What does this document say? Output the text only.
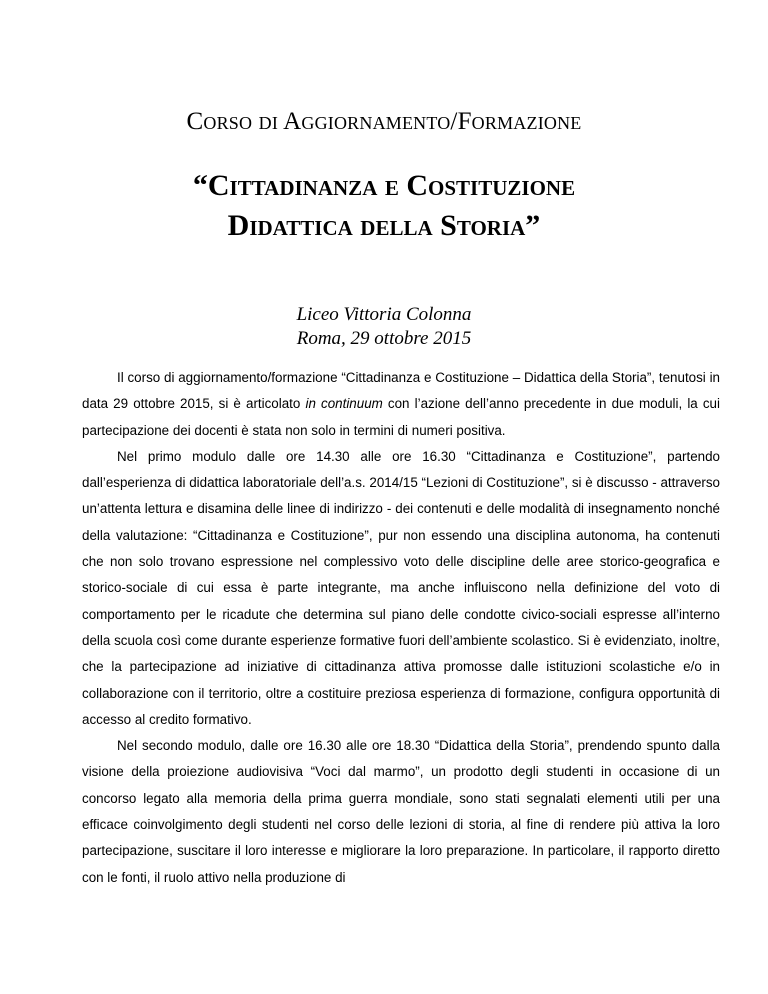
Corso di Aggiornamento/Formazione
“Cittadinanza e Costituzione
Didattica della Storia”
Liceo Vittoria Colonna
Roma, 29 ottobre 2015

Il corso di aggiornamento/formazione “Cittadinanza e Costituzione – Didattica della Storia”, tenutosi in data 29 ottobre 2015, si è articolato in continuum con l’azione dell’anno precedente in due moduli, la cui partecipazione dei docenti è stata non solo in termini di numeri positiva.

Nel primo modulo dalle ore 14.30 alle ore 16.30 “Cittadinanza e Costituzione”, partendo dall’esperienza di didattica laboratoriale dell’a.s. 2014/15 “Lezioni di Costituzione”, si è discusso - attraverso un’attenta lettura e disamina delle linee di indirizzo - dei contenuti e delle modalità di insegnamento nonché della valutazione: “Cittadinanza e Costituzione”, pur non essendo una disciplina autonoma, ha contenuti che non solo trovano espressione nel complessivo voto delle discipline delle aree storico-geografica e storico-sociale di cui essa è parte integrante, ma anche influiscono nella definizione del voto di comportamento per le ricadute che determina sul piano delle condotte civico-sociali espresse all’interno della scuola così come durante esperienze formative fuori dell’ambiente scolastico. Si è evidenziato, inoltre, che la partecipazione ad iniziative di cittadinanza attiva promosse dalle istituzioni scolastiche e/o in collaborazione con il territorio, oltre a costituire preziosa esperienza di formazione, configura opportunità di accesso al credito formativo.

Nel secondo modulo, dalle ore 16.30 alle ore 18.30 “Didattica della Storia”, prendendo spunto dalla visione della proiezione audiovisiva “Voci dal marmo”, un prodotto degli studenti in occasione di un concorso legato alla memoria della prima guerra mondiale, sono stati segnalati elementi utili per una efficace coinvolgimento degli studenti nel corso delle lezioni di storia, al fine di rendere più attiva la loro partecipazione, suscitare il loro interesse e migliorare la loro preparazione. In particolare, il rapporto diretto con le fonti, il ruolo attivo nella produzione di
